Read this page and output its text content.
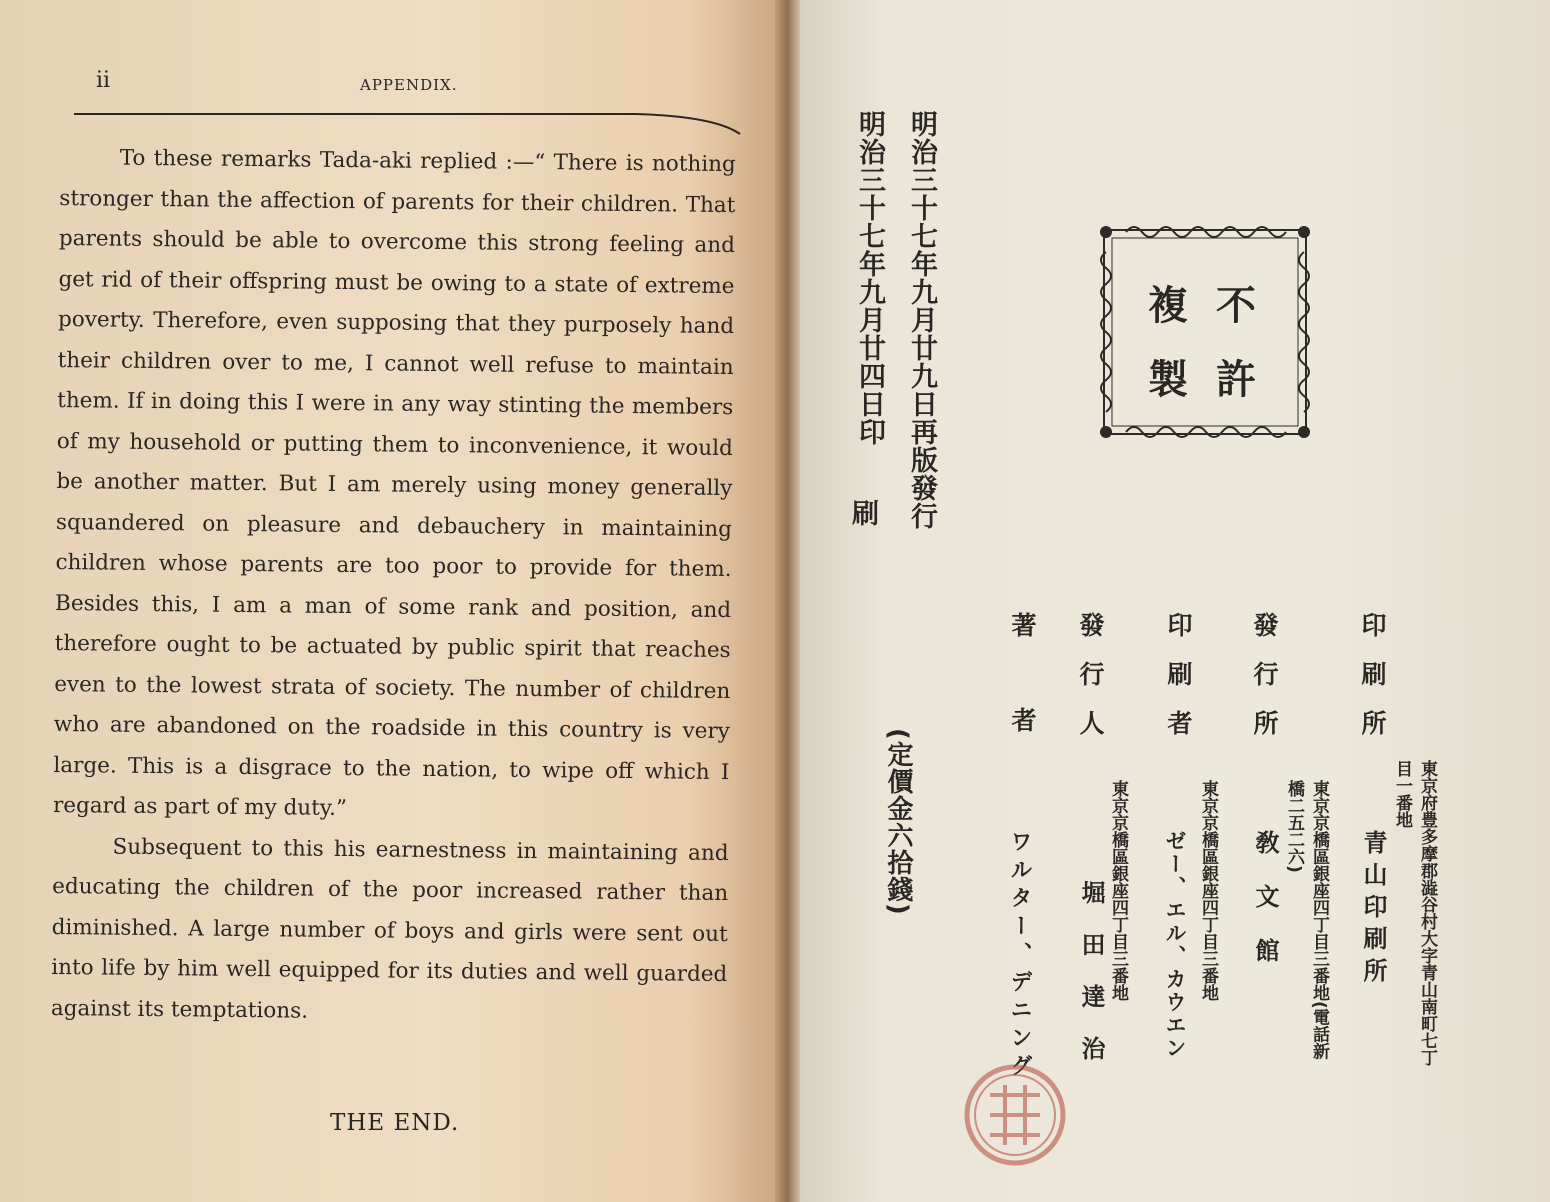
ii	APPENDIX.

To these remarks Tada-aki replied :—“ There is nothing stronger than the affection of parents for their children. That parents should be able to overcome this strong feeling and get rid of their offspring must be owing to a state of extreme poverty. Therefore, even supposing that they purposely hand their children over to me, I cannot well refuse to maintain them. If in doing this I were in any way stinting the members of my household or putting them to inconvenience, it would be another matter. But I am merely using money generally squandered on pleasure and debauchery in maintaining children whose parents are too poor to provide for them. Besides this, I am a man of some rank and position, and therefore ought to be actuated by public spirit that reaches even to the lowest strata of society. The number of children who are abandoned on the roadside in this country is very large. This is a disgrace to the nation, to wipe off which I regard as part of my duty.”

Subsequent to this his earnestness in maintaining and educating the children of the poor increased rather than diminished. A large number of boys and girls were sent out into life by him well equipped for its duties and well guarded against its temptations.

THE END.
明治三十七年九月廿九日再版發行
明治三十七年九月廿四日印
刷
(定價金六拾錢)
不
許
複
製
印刷所
青山印刷所	東京府豊多摩郡澁谷村大字青山南町七丁目一番地
發行所
敎文館	東京京橋區銀座四丁目三番地(電話新橋二五二六)
印刷者
ゼー、エル、カウエン 東京京橋區銀座四丁目三番地
發行人
堀田達治 東京京橋區銀座四丁目三番地
著者
ワルター、デニング
